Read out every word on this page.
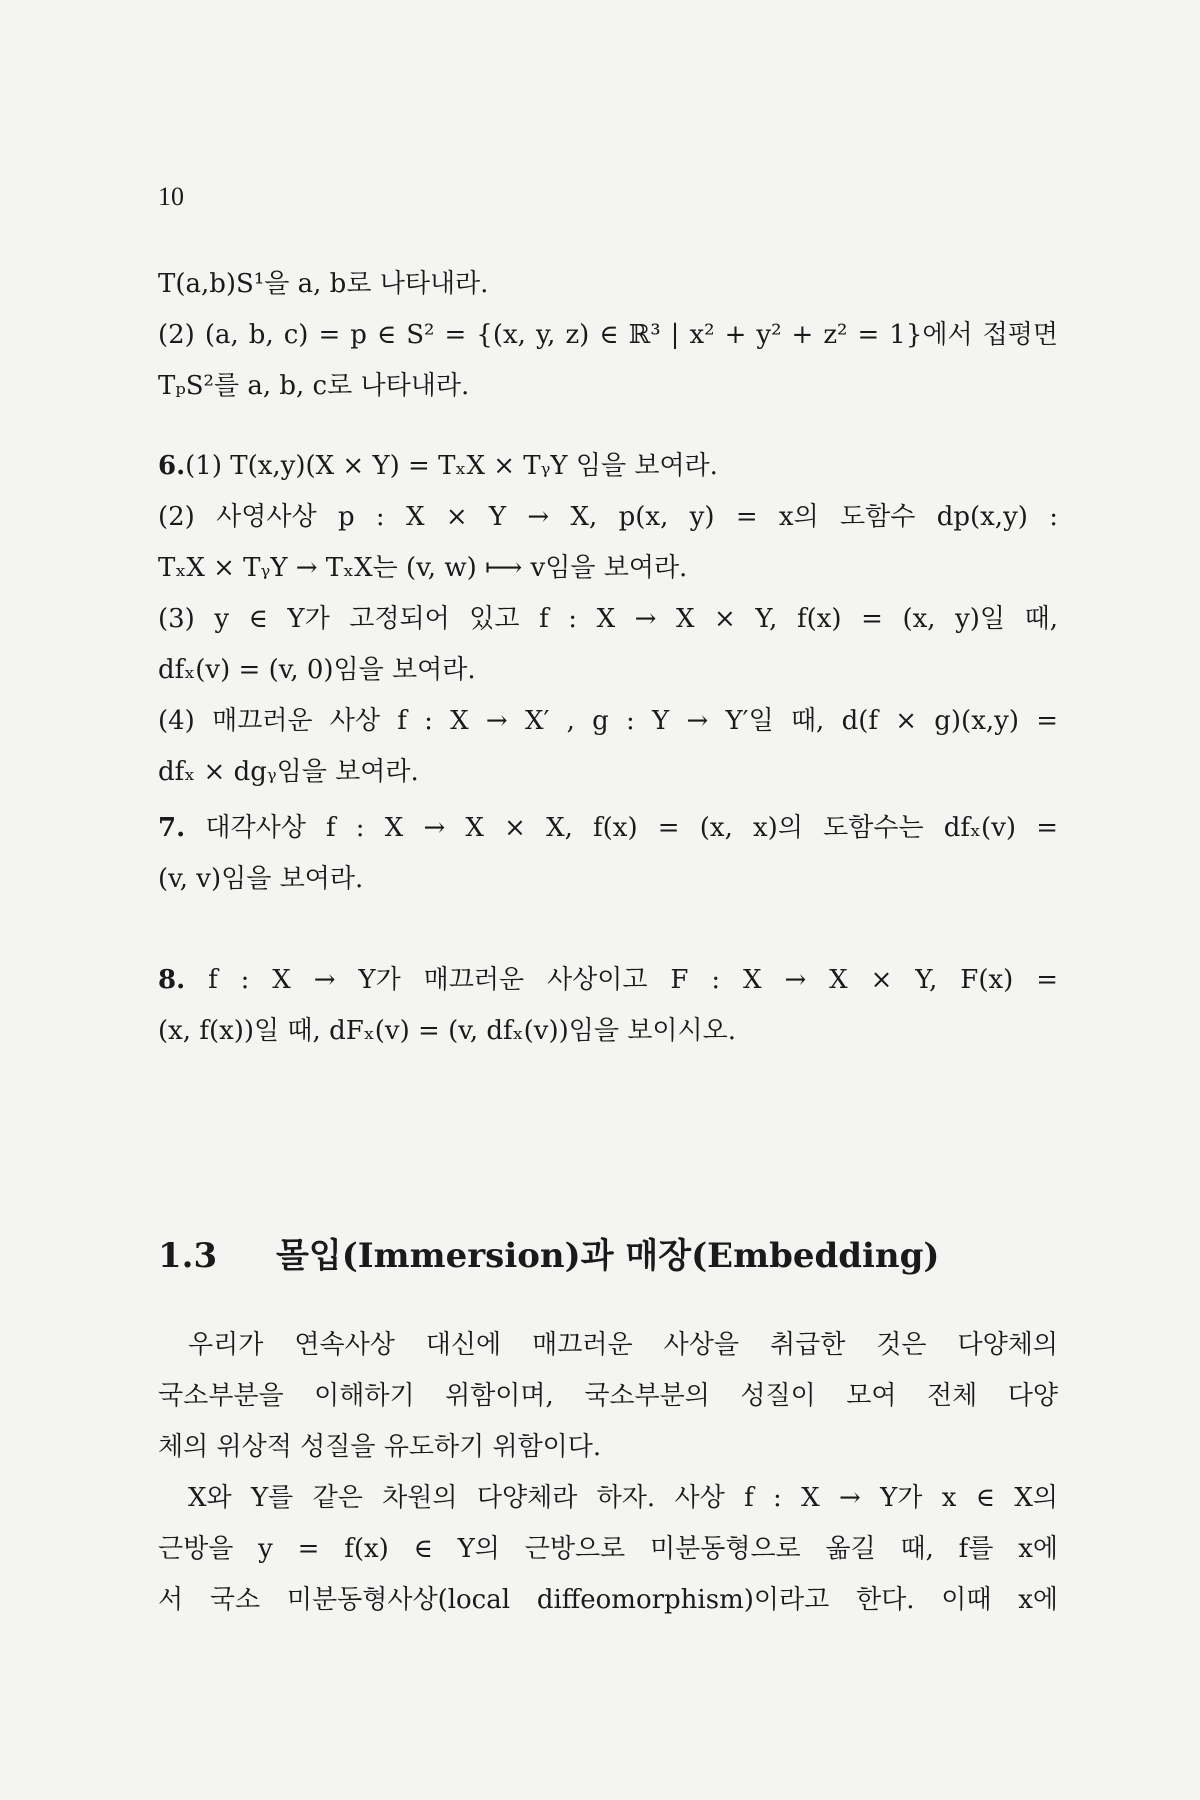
10
T(a,b)S¹을 a, b로 나타내라.
(2) (a, b, c) = p ∈ S² = {(x, y, z) ∈ ℝ³ | x² + y² + z² = 1}에서 접평면
TₚS²를 a, b, c로 나타내라.
6.(1) T(x,y)(X × Y) = TₓX × TᵧY 임을 보여라.
(2) 사영사상 p : X × Y → X, p(x, y) = x의 도함수 dp(x,y) :
TₓX × TᵧY → TₓX는 (v, w) ⟼ v임을 보여라.
(3) y ∈ Y가 고정되어 있고 f : X → X × Y, f(x) = (x, y)일 때,
dfₓ(v) = (v, 0)임을 보여라.
(4) 매끄러운 사상 f : X → X′ , g : Y → Y′일 때, d(f × g)(x,y) =
dfₓ × dgᵧ임을 보여라.
7. 대각사상 f : X → X × X, f(x) = (x, x)의 도함수는 dfₓ(v) =
(v, v)임을 보여라.
8. f : X → Y가 매끄러운 사상이고 F : X → X × Y, F(x) =
(x, f(x))일 때, dFₓ(v) = (v, dfₓ(v))임을 보이시오.
1.3 몰입(Immersion)과 매장(Embedding)
우리가 연속사상 대신에 매끄러운 사상을 취급한 것은 다양체의
국소부분을 이해하기 위함이며, 국소부분의 성질이 모여 전체 다양
체의 위상적 성질을 유도하기 위함이다.
X와 Y를 같은 차원의 다양체라 하자. 사상 f : X → Y가 x ∈ X의
근방을 y = f(x) ∈ Y의 근방으로 미분동형으로 옮길 때, f를 x에
서 국소 미분동형사상(local diffeomorphism)이라고 한다. 이때 x에
